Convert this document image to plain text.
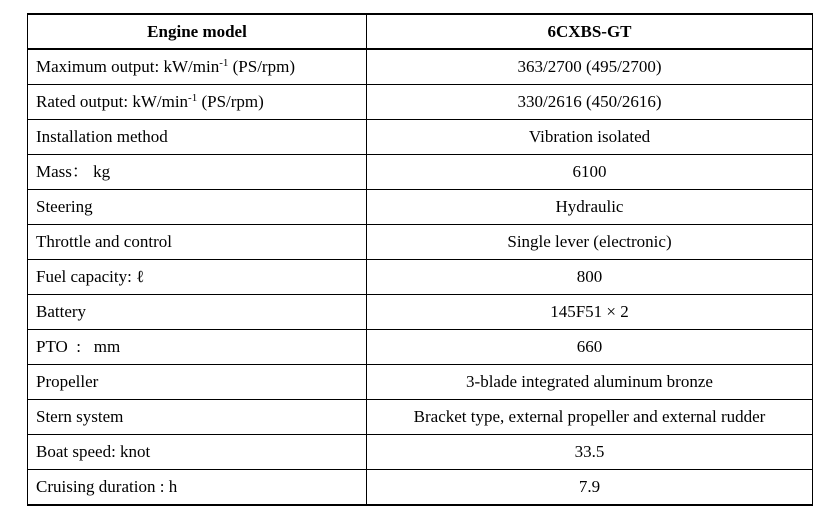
Engine model	6CXBS-GT
Maximum output: $kW/\min^{-1}$ (PS/rpm)	363/2700 (495/2700)
Rated output: $kW/\min^{-1}$ (PS/rpm)	330/2616 (450/2616)
Installation method	Vibration isolated
Mass： kg	6100
Steering	Hydraulic
Throttle and control	Single lever (electronic)
Fuel capacity: ℓ	800
Battery	145F51 × 2
PTO  :   mm	660
Propeller	3-blade integrated aluminum bronze
Stern system	Bracket type, external propeller and external rudder
Boat speed: knot	33.5
Cruising duration : h	7.9
